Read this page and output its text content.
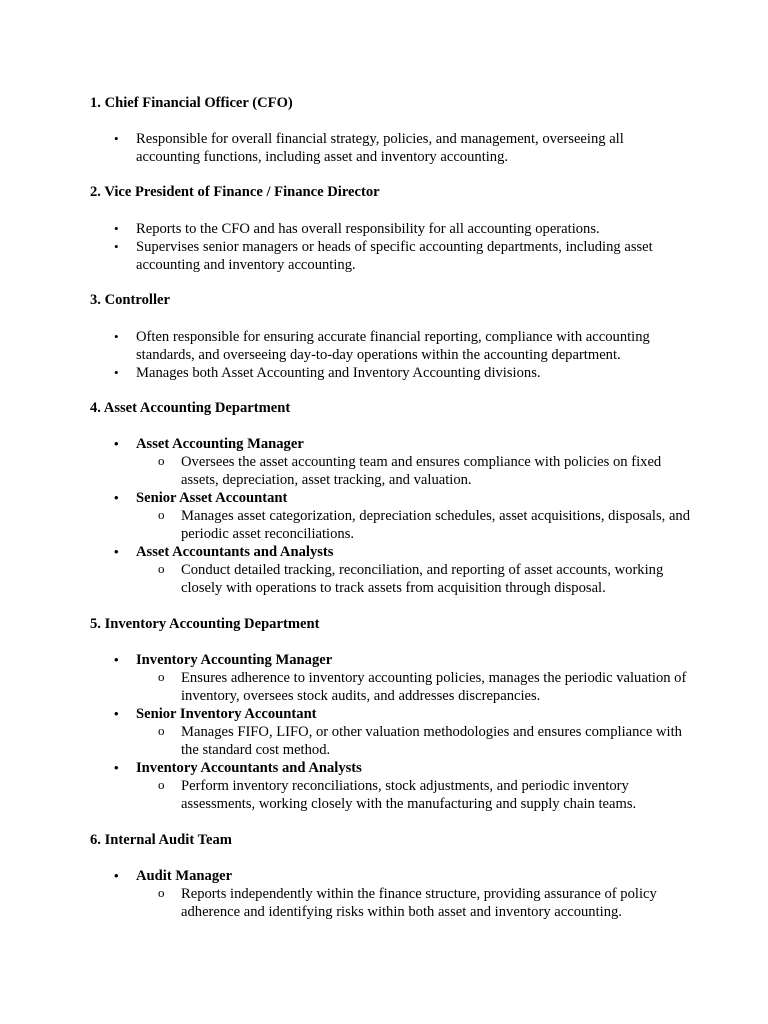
1. Chief Financial Officer (CFO)
• Responsible for overall financial strategy, policies, and management, overseeing all accounting functions, including asset and inventory accounting.
2. Vice President of Finance / Finance Director
• Reports to the CFO and has overall responsibility for all accounting operations.
• Supervises senior managers or heads of specific accounting departments, including asset accounting and inventory accounting.
3. Controller
• Often responsible for ensuring accurate financial reporting, compliance with accounting standards, and overseeing day-to-day operations within the accounting department.
• Manages both Asset Accounting and Inventory Accounting divisions.
4. Asset Accounting Department
• Asset Accounting Manager
o Oversees the asset accounting team and ensures compliance with policies on fixed assets, depreciation, asset tracking, and valuation.
• Senior Asset Accountant
o Manages asset categorization, depreciation schedules, asset acquisitions, disposals, and periodic asset reconciliations.
• Asset Accountants and Analysts
o Conduct detailed tracking, reconciliation, and reporting of asset accounts, working closely with operations to track assets from acquisition through disposal.
5. Inventory Accounting Department
• Inventory Accounting Manager
o Ensures adherence to inventory accounting policies, manages the periodic valuation of inventory, oversees stock audits, and addresses discrepancies.
• Senior Inventory Accountant
o Manages FIFO, LIFO, or other valuation methodologies and ensures compliance with the standard cost method.
• Inventory Accountants and Analysts
o Perform inventory reconciliations, stock adjustments, and periodic inventory assessments, working closely with the manufacturing and supply chain teams.
6. Internal Audit Team
• Audit Manager
o Reports independently within the finance structure, providing assurance of policy adherence and identifying risks within both asset and inventory accounting.
